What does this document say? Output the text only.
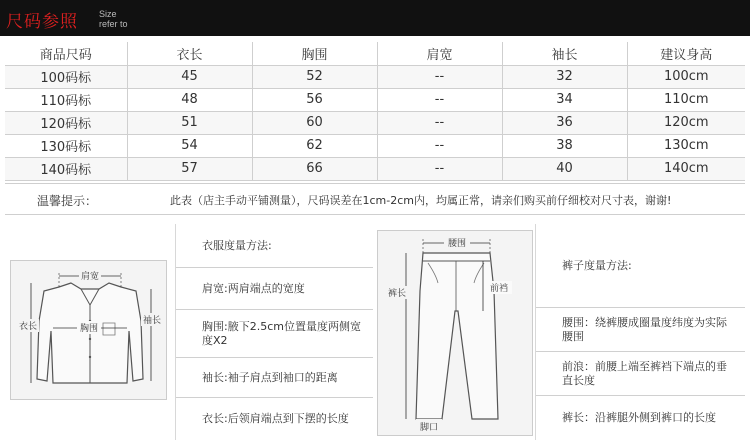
尺码参照 Size
refer to
商品尺码	衣长	胸围	肩宽	袖长	建议身高
100码标	45	52	--	32	100cm
110码标	48	56	--	34	110cm
120码标	51	60	--	36	120cm
130码标	54	62	--	38	130cm
140码标	57	66	--	40	140cm
温馨提示：	此表（店主手动平铺测量），尺码误差在1cm-2cm内，均属正常，请亲们购买前仔细校对尺寸表，谢谢!
肩宽
胸围
衣长
袖长
衣服度量方法:
肩宽:两肩端点的宽度
胸围:腋下2.5cm位置量度两侧宽度X2
袖长:袖子肩点到袖口的距离
衣长:后领肩端点到下摆的长度
腰围
前裆
裤长
脚口
裤子度量方法:
腰围：绕裤腰成圈量度纬度为实际腰围
前浪：前腰上端至裤裆下端点的垂直长度
裤长：沿裤腿外侧到裤口的长度
